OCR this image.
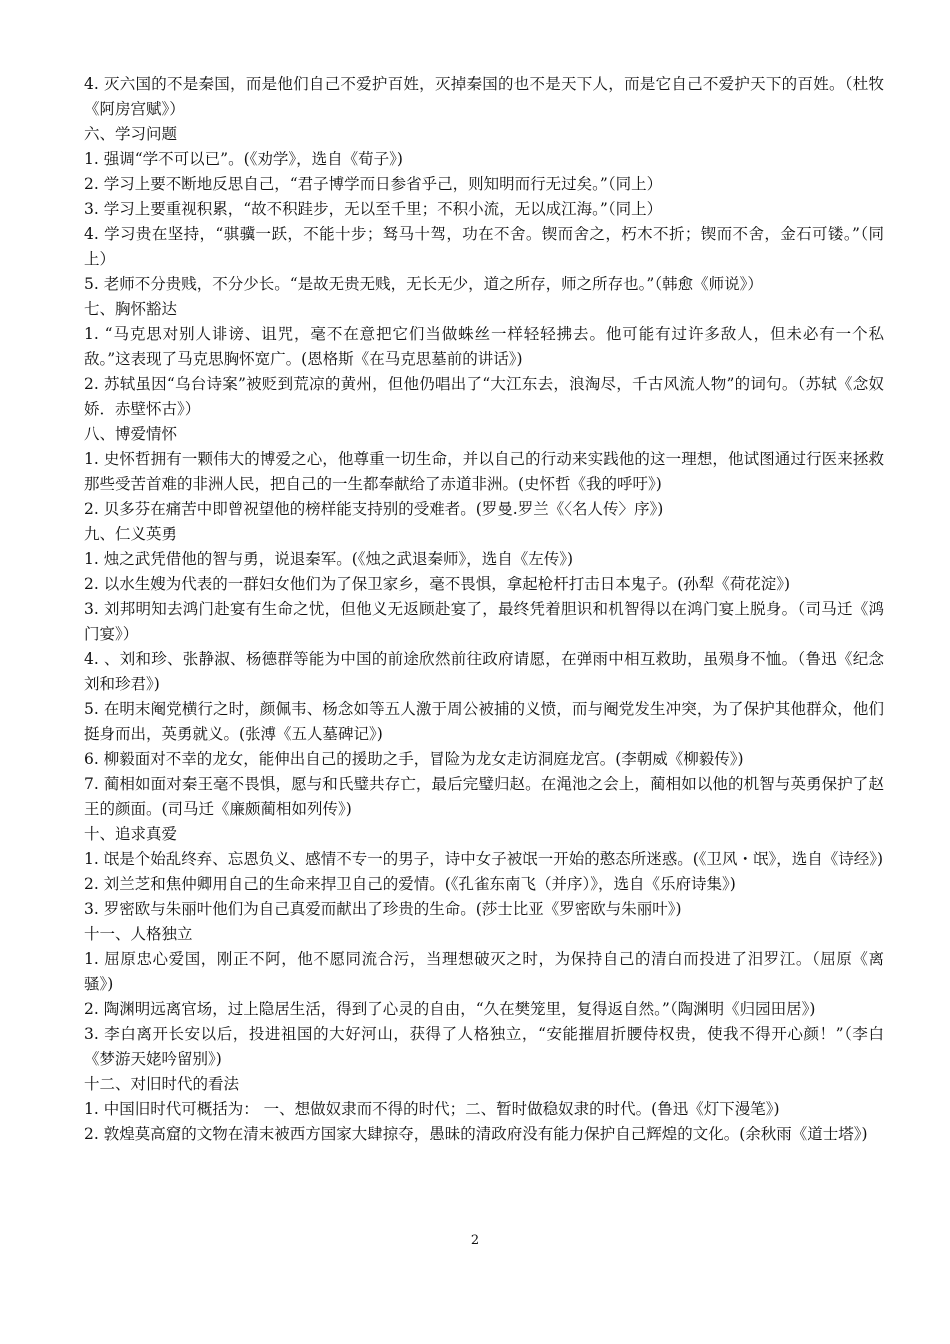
4. 灭六国的不是秦国，而是他们自己不爱护百姓，灭掉秦国的也不是天下人，而是它自己不爱护天下的百姓。（杜牧《阿房宫赋》）

六、学习问题

1. 强调“学不可以已”。(《劝学》，选自《荀子》)

2. 学习上要不断地反思自己，“君子博学而日参省乎己，则知明而行无过矣。”（同上）

3. 学习上要重视积累，“故不积跬步，无以至千里；不积小流，无以成江海。”（同上）

4. 学习贵在坚持，“骐骥一跃，不能十步；驽马十驾，功在不舍。锲而舍之，朽木不折；锲而不舍，金石可镂。”（同上）

5. 老师不分贵贱，不分少长。“是故无贵无贱，无长无少，道之所存，师之所存也。”（韩愈《师说》）

七、胸怀豁达

1. “马克思对别人诽谤、诅咒，毫不在意把它们当做蛛丝一样轻轻拂去。他可能有过许多敌人，但未必有一个私敌。”这表现了马克思胸怀宽广。(恩格斯《在马克思墓前的讲话》)

2. 苏轼虽因“乌台诗案”被贬到荒凉的黄州，但他仍唱出了“大江东去，浪淘尽，千古风流人物”的词句。（苏轼《念奴娇．赤壁怀古》）

八、博爱情怀

1. 史怀哲拥有一颗伟大的博爱之心，他尊重一切生命，并以自己的行动来实践他的这一理想，他试图通过行医来拯救那些受苦首难的非洲人民，把自己的一生都奉献给了赤道非洲。(史怀哲《我的呼吁》)

2. 贝多芬在痛苦中即曾祝望他的榜样能支持别的受难者。(罗曼.罗兰《〈名人传〉序》)

九、仁义英勇

1. 烛之武凭借他的智与勇，说退秦军。(《烛之武退秦师》，选自《左传》)

2. 以水生嫂为代表的一群妇女他们为了保卫家乡，毫不畏惧，拿起枪杆打击日本鬼子。(孙犁《荷花淀》)

3. 刘邦明知去鸿门赴宴有生命之忧，但他义无返顾赴宴了，最终凭着胆识和机智得以在鸿门宴上脱身。（司马迁《鸿门宴》）

4. 、刘和珍、张静淑、杨德群等能为中国的前途欣然前往政府请愿，在弹雨中相互救助，虽殒身不恤。（鲁迅《纪念刘和珍君》)

5. 在明末阉党横行之时，颜佩韦、杨念如等五人激于周公被捕的义愤，而与阉党发生冲突，为了保护其他群众，他们挺身而出，英勇就义。(张溥《五人墓碑记》)

6. 柳毅面对不幸的龙女，能伸出自己的援助之手，冒险为龙女走访洞庭龙宫。(李朝威《柳毅传》)

7. 蔺相如面对秦王毫不畏惧，愿与和氏璧共存亡，最后完璧归赵。在渑池之会上，蔺相如以他的机智与英勇保护了赵王的颜面。(司马迁《廉颇蔺相如列传》)

十、追求真爱

1. 氓是个始乱终弃、忘恩负义、感情不专一的男子，诗中女子被氓一开始的憨态所迷惑。(《卫风・氓》，选自《诗经》)

2. 刘兰芝和焦仲卿用自己的生命来捍卫自己的爱情。(《孔雀东南飞（并序）》，选自《乐府诗集》)

3. 罗密欧与朱丽叶他们为自己真爱而献出了珍贵的生命。(莎士比亚《罗密欧与朱丽叶》)

十一、人格独立

1. 屈原忠心爱国，刚正不阿，他不愿同流合污，当理想破灭之时，为保持自己的清白而投进了汨罗江。（屈原《离骚》)

2. 陶渊明远离官场，过上隐居生活，得到了心灵的自由，“久在樊笼里，复得返自然。”（陶渊明《归园田居》)

3. 李白离开长安以后，投进祖国的大好河山，获得了人格独立，“安能摧眉折腰侍权贵，使我不得开心颜！”（李白《梦游天姥吟留别》)

十二、对旧时代的看法

1. 中国旧时代可概括为： 一、想做奴隶而不得的时代；二、暂时做稳奴隶的时代。(鲁迅《灯下漫笔》)

2. 敦煌莫高窟的文物在清末被西方国家大肆掠夺，愚昧的清政府没有能力保护自己辉煌的文化。(余秋雨《道士塔》)

2
